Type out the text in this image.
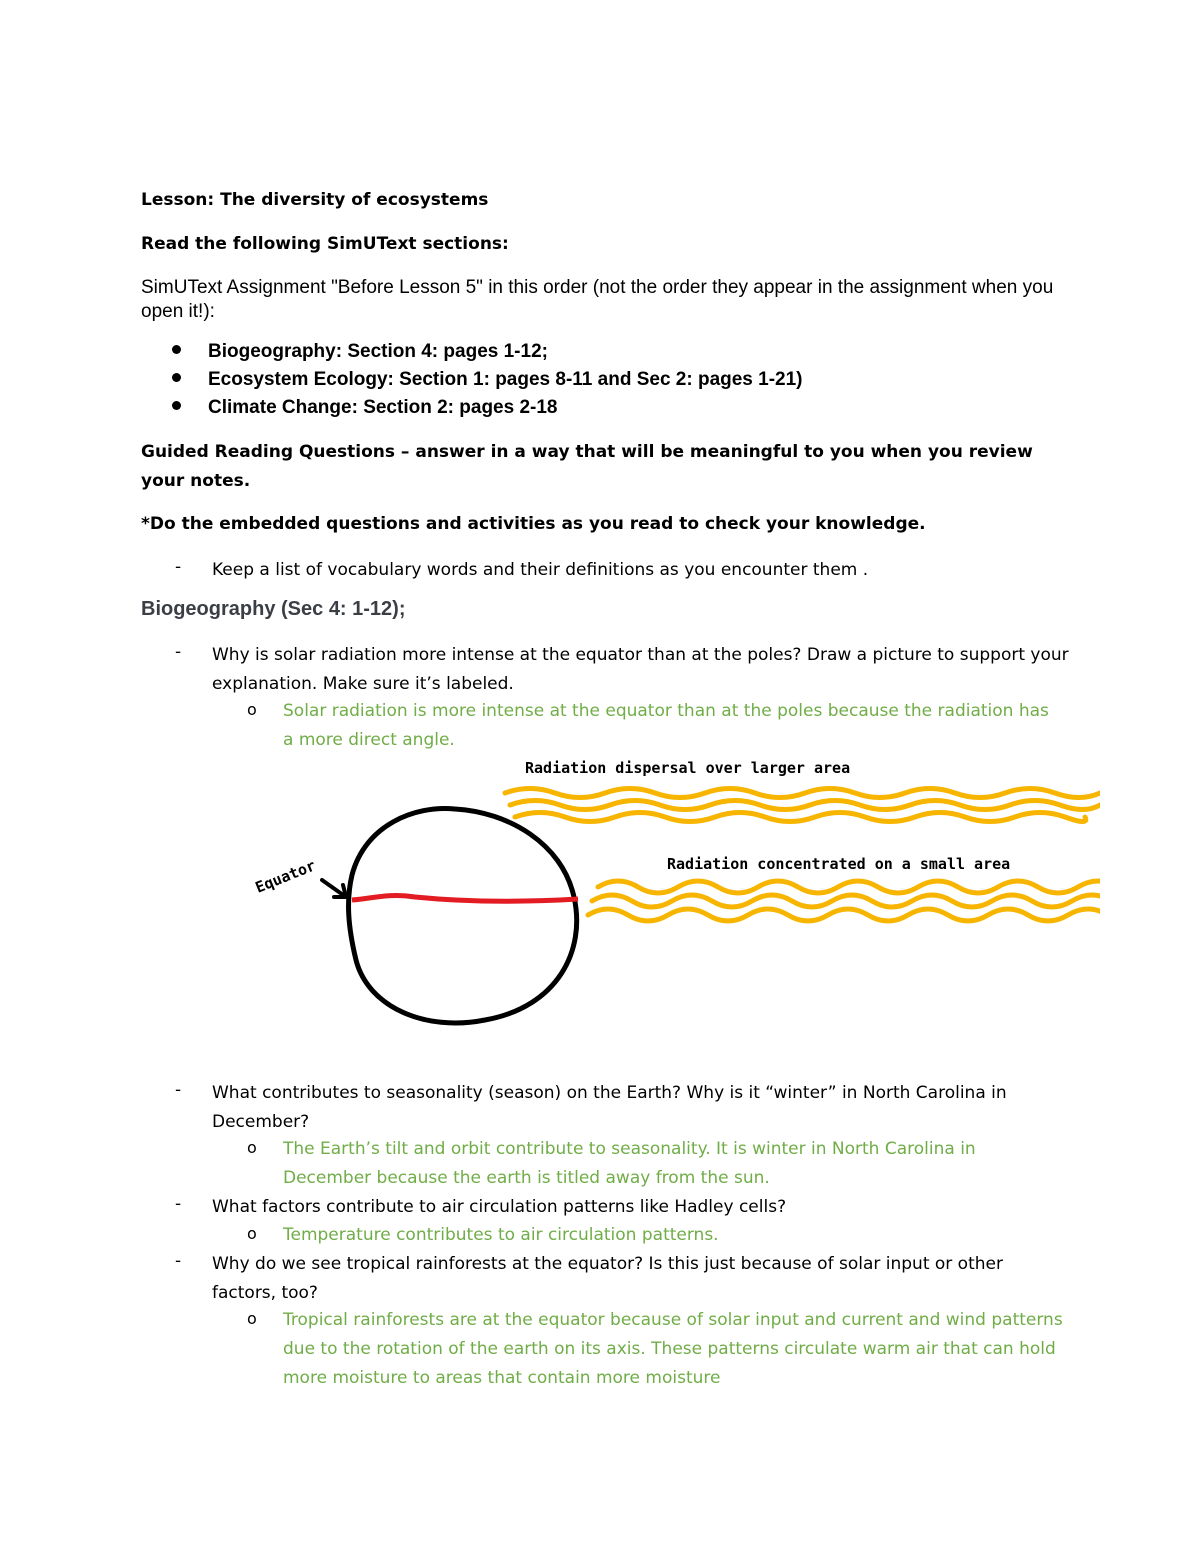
Lesson: The diversity of ecosystems
Read the following SimUText sections:
SimUText Assignment "Before Lesson 5" in this order (not the order they appear in the assignment when you open it!):
Biogeography: Section 4: pages 1-12;
Ecosystem Ecology: Section 1: pages 8-11 and Sec 2: pages 1-21)
Climate Change: Section 2: pages 2-18
Guided Reading Questions – answer in a way that will be meaningful to you when you review your notes.
*Do the embedded questions and activities as you read to check your knowledge.
- Keep a list of vocabulary words and their definitions as you encounter them .
Biogeography (Sec 4: 1-12);
- Why is solar radiation more intense at the equator than at the poles? Draw a picture to support your explanation. Make sure it’s labeled.
o Solar radiation is more intense at the equator than at the poles because the radiation has a more direct angle.
Equator
Radiation dispersal over larger area
Radiation concentrated on a small area
- What contributes to seasonality (season) on the Earth? Why is it “winter” in North Carolina in December?
o The Earth’s tilt and orbit contribute to seasonality. It is winter in North Carolina in December because the earth is titled away from the sun.
- What factors contribute to air circulation patterns like Hadley cells?
o Temperature contributes to air circulation patterns.
- Why do we see tropical rainforests at the equator? Is this just because of solar input or other factors, too?
o Tropical rainforests are at the equator because of solar input and current and wind patterns due to the rotation of the earth on its axis. These patterns circulate warm air that can hold more moisture to areas that contain more moisture
